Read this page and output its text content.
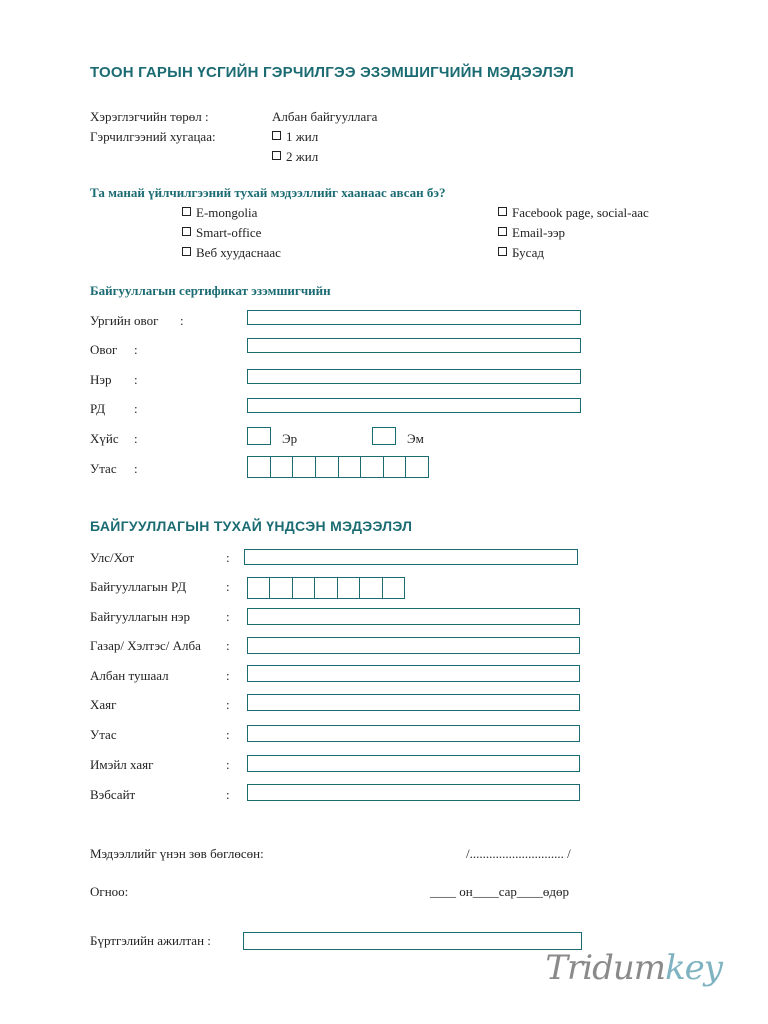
ТООН ГАРЫН ҮСГИЙН ГЭРЧИЛГЭЭ ЭЗЭМШИГЧИЙН МЭДЭЭЛЭЛ
Хэрэглэгчийн төрөл :	Албан байгууллага
Гэрчилгээний хугацаа:	1 жил
2 жил
Та манай үйлчилгээний тухай мэдээллийг хаанаас авсан бэ?
E-mongolia
Smart-office
Веб хуудаснаас
Facebook page, social-aac
Email-ээр
Бусад
Байгууллагын сертификат эзэмшигчийн
Ургийн овог :
Овог :
Нэр :
РД :
Хүйс :	Эр	Эм
Утас :
БАЙГУУЛЛАГЫН ТУХАЙ ҮНДСЭН МЭДЭЭЛЭЛ
Улс/Хот	:
Байгууллагын РД	:
Байгууллагын нэр	:
Газар/ Хэлтэс/ Алба :
Албан тушаал	:
Хаяг	:
Утас	:
Имэйл хаяг	:
Вэбсайт	:
Мэдээллийг үнэн зөв бөглөсөн:	/............................. /
Огноо:	____ он____сар____өдөр
Бүртгэлийн ажилтан :
Tridumkey
